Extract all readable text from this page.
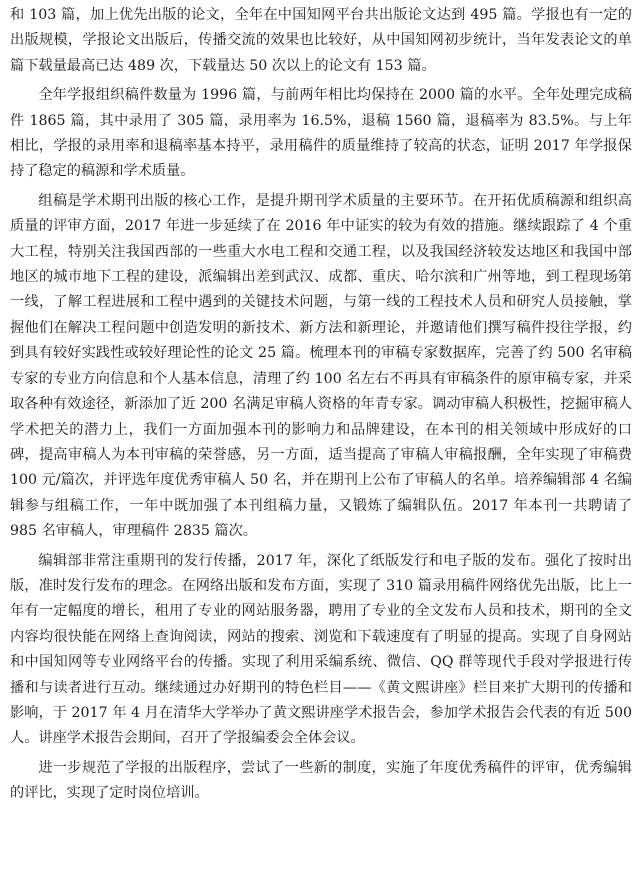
和 103 篇，加上优先出版的论文，全年在中国知网平台共出版论文达到 495 篇。学报也有一定的出版规模，学报论文出版后，传播交流的效果也比较好，从中国知网初步统计，当年发表论文的单篇下载量最高已达 489 次，下载量达 50 次以上的论文有 153 篇。

全年学报组织稿件数量为 1996 篇，与前两年相比均保持在 2000 篇的水平。全年处理完成稿件 1865 篇，其中录用了 305 篇，录用率为 16.5%，退稿 1560 篇，退稿率为 83.5%。与上年相比，学报的录用率和退稿率基本持平，录用稿件的质量维持了较高的状态，证明 2017 年学报保持了稳定的稿源和学术质量。

组稿是学术期刊出版的核心工作，是提升期刊学术质量的主要环节。在开拓优质稿源和组织高质量的评审方面，2017 年进一步延续了在 2016 年中证实的较为有效的措施。继续跟踪了 4 个重大工程，特别关注我国西部的一些重大水电工程和交通工程，以及我国经济较发达地区和我国中部地区的城市地下工程的建设，派编辑出差到武汉、成都、重庆、哈尔滨和广州等地，到工程现场第一线，了解工程进展和工程中遇到的关键技术问题，与第一线的工程技术人员和研究人员接触，掌握他们在解决工程问题中创造发明的新技术、新方法和新理论，并邀请他们撰写稿件投往学报，约到具有较好实践性或较好理论性的论文 25 篇。梳理本刊的审稿专家数据库，完善了约 500 名审稿专家的专业方向信息和个人基本信息，清理了约 100 名左右不再具有审稿条件的原审稿专家，并采取各种有效途径，新添加了近 200 名满足审稿人资格的年青专家。调动审稿人积极性，挖掘审稿人学术把关的潜力上，我们一方面加强本刊的影响力和品牌建设，在本刊的相关领域中形成好的口碑，提高审稿人为本刊审稿的荣誉感，另一方面，适当提高了审稿人审稿报酬，全年实现了审稿费 100 元/篇次，并评选年度优秀审稿人 50 名，并在期刊上公布了审稿人的名单。培养编辑部 4 名编辑参与组稿工作，一年中既加强了本刊组稿力量，又锻炼了编辑队伍。2017 年本刊一共聘请了 985 名审稿人，审理稿件 2835 篇次。

编辑部非常注重期刊的发行传播，2017 年，深化了纸版发行和电子版的发布。强化了按时出版，准时发行发布的理念。在网络出版和发布方面，实现了 310 篇录用稿件网络优先出版，比上一年有一定幅度的增长，租用了专业的网站服务器，聘用了专业的全文发布人员和技术，期刊的全文内容均很快能在网络上查询阅读，网站的搜索、浏览和下载速度有了明显的提高。实现了自身网站和中国知网等专业网络平台的传播。实现了利用采编系统、微信、QQ 群等现代手段对学报进行传播和与读者进行互动。继续通过办好期刊的特色栏目——《黄文熙讲座》栏目来扩大期刊的传播和影响，于 2017 年 4 月在清华大学举办了黄文熙讲座学术报告会，参加学术报告会代表的有近 500 人。讲座学术报告会期间，召开了学报编委会全体会议。

进一步规范了学报的出版程序，尝试了一些新的制度，实施了年度优秀稿件的评审，优秀编辑的评比，实现了定时岗位培训。
